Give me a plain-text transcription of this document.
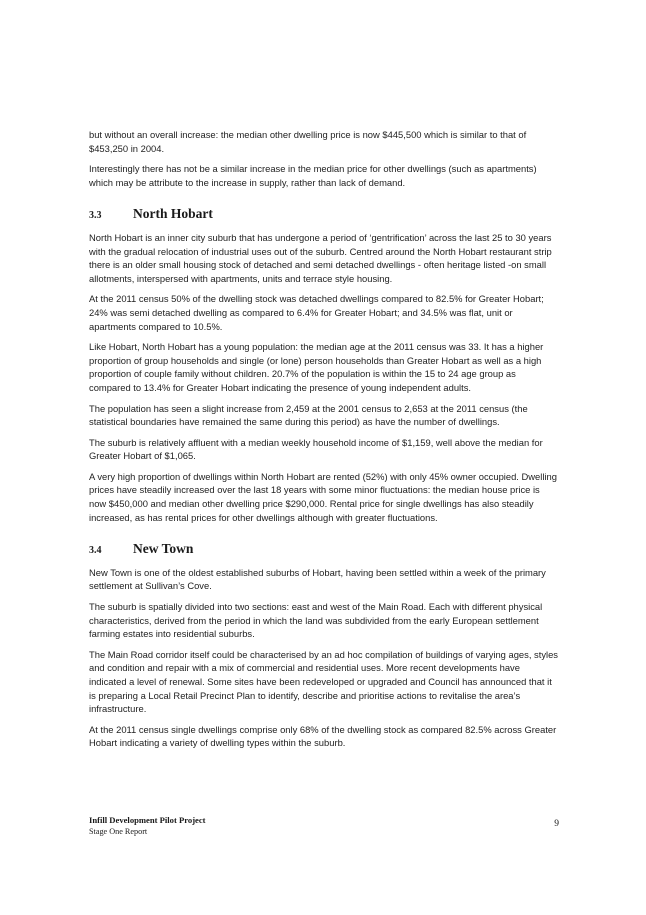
but without an overall increase: the median other dwelling price is now $445,500 which is similar to that of $453,250 in 2004.

Interestingly there has not be a similar increase in the median price for other dwellings (such as apartments) which may be attribute to the increase in supply, rather than lack of demand.

3.3	North Hobart

North Hobart is an inner city suburb that has undergone a period of ‘gentrification’ across the last 25 to 30 years with the gradual relocation of industrial uses out of the suburb. Centred around the North Hobart restaurant strip there is an older small housing stock of detached and semi detached dwellings - often heritage listed -on small allotments, interspersed with apartments, units and terrace style housing.

At the 2011 census 50% of the dwelling stock was detached dwellings compared to 82.5% for Greater Hobart; 24% was semi detached dwelling as compared to 6.4% for Greater Hobart; and 34.5% was flat, unit or apartments compared to 10.5%.

Like Hobart, North Hobart has a young population: the median age at the 2011 census was 33. It has a higher proportion of group households and single (or lone) person households than Greater Hobart as well as a high proportion of couple family without children. 20.7% of the population is within the 15 to 24 age group as compared to 13.4% for Greater Hobart indicating the presence of young independent adults.

The population has seen a slight increase from 2,459 at the 2001 census to 2,653 at the 2011 census (the statistical boundaries have remained the same during this period) as have the number of dwellings.

The suburb is relatively affluent with a median weekly household income of $1,159, well above the median for Greater Hobart of $1,065.

A very high proportion of dwellings within North Hobart are rented (52%) with only 45% owner occupied. Dwelling prices have steadily increased over the last 18 years with some minor fluctuations: the median house price is now $450,000 and median other dwelling price $290,000. Rental price for single dwellings has also steadily increased, as has rental prices for other dwellings although with greater fluctuations.

3.4	New Town

New Town is one of the oldest established suburbs of Hobart, having been settled within a week of the primary settlement at Sullivan’s Cove.

The suburb is spatially divided into two sections: east and west of the Main Road. Each with different physical characteristics, derived from the period in which the land was subdivided from the early European settlement farming estates into residential suburbs.

The Main Road corridor itself could be characterised by an ad hoc compilation of buildings of varying ages, styles and condition and repair with a mix of commercial and residential uses. More recent developments have indicated a level of renewal. Some sites have been redeveloped or upgraded and Council has announced that it is preparing a Local Retail Precinct Plan to identify, describe and prioritise actions to revitalise the area’s infrastructure.

At the 2011 census single dwellings comprise only 68% of the dwelling stock as compared 82.5% across Greater Hobart indicating a variety of dwelling types within the suburb.

Infill Development Pilot Project
Stage One Report
9
